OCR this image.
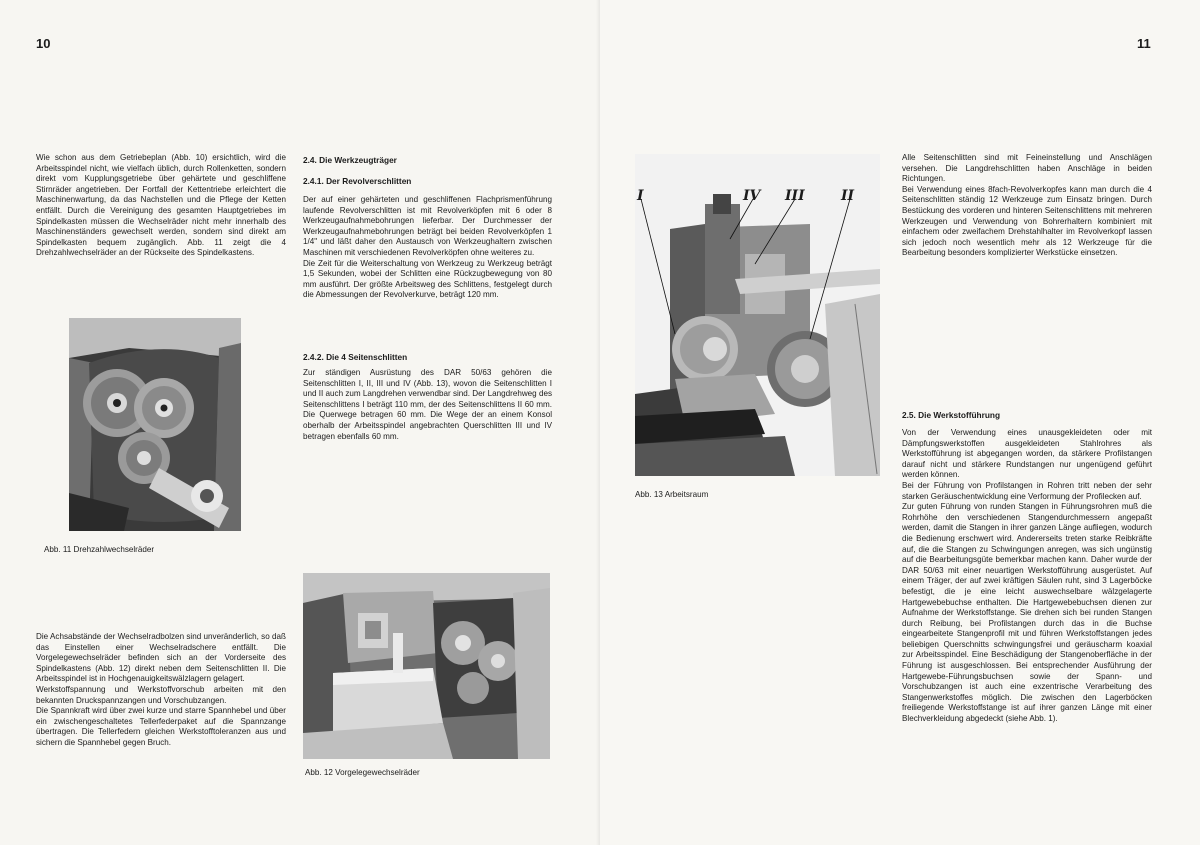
10

Wie schon aus dem Getriebeplan (Abb. 10) ersichtlich, wird die Arbeitsspindel nicht, wie vielfach üblich, durch Rollenketten, sondern direkt vom Kupplungsgetriebe über gehärtete und geschliffene Stirnräder angetrieben. Der Fortfall der Kettentriebe erleichtert die Maschinenwartung, da das Nachstellen und die Pflege der Ketten entfällt. Durch die Vereinigung des gesamten Hauptgetriebes im Spindelkasten müssen die Wechselräder nicht mehr innerhalb des Maschinenständers gewechselt werden, sondern sind direkt am Spindelkasten bequem zugänglich. Abb. 11 zeigt die 4 Drehzahlwechselräder an der Rückseite des Spindelkastens.

Abb. 11 Drehzahlwechselräder

Die Achsabstände der Wechselradbolzen sind unveränderlich, so daß das Einstellen einer Wechselradschere entfällt. Die Vorgelegewechselräder befinden sich an der Vorderseite des Spindelkastens (Abb. 12) direkt neben dem Seitenschlitten II. Die Arbeitsspindel ist in Hochgenauigkeitswälzlagern gelagert.

Werkstoffspannung und Werkstoffvorschub arbeiten mit den bekannten Druckspannzangen und Vorschubzangen.

Die Spannkraft wird über zwei kurze und starre Spannhebel und über ein zwischengeschaltetes Tellerfederpaket auf die Spannzange übertragen. Die Tellerfedern gleichen Werkstofftoleranzen aus und sichern die Spannhebel gegen Bruch.

2.4. Die Werkzeugträger
2.4.1. Der Revolverschlitten

Der auf einer gehärteten und geschliffenen Flachprismenführung laufende Revolverschlitten ist mit Revolverköpfen mit 6 oder 8 Werkzeugaufnahmebohrungen lieferbar. Der Durchmesser der Werkzeugaufnahmebohrungen beträgt bei beiden Revolverköpfen 1 1/4" und läßt daher den Austausch von Werkzeughaltern zwischen Maschinen mit verschiedenen Revolverköpfen ohne weiteres zu.

Die Zeit für die Weiterschaltung von Werkzeug zu Werkzeug beträgt 1,5 Sekunden, wobei der Schlitten eine Rückzugbewegung von 80 mm ausführt. Der größte Arbeitsweg des Schlittens, festgelegt durch die Abmessungen der Revolverkurve, beträgt 120 mm.

2.4.2. Die 4 Seitenschlitten

Zur ständigen Ausrüstung des DAR 50/63 gehören die Seitenschlitten I, II, III und IV (Abb. 13), wovon die Seitenschlitten I und II auch zum Langdrehen verwendbar sind. Der Langdrehweg des Seitenschlittens I beträgt 110 mm, der des Seitenschlittens II 60 mm. Die Querwege betragen 60 mm. Die Wege der an einem Konsol oberhalb der Arbeitsspindel angebrachten Querschlitten III und IV betragen ebenfalls 60 mm.

Abb. 12 Vorgelegewechselräder
11
I	IV III	II
Abb. 13 Arbeitsraum

Alle Seitenschlitten sind mit Feineinstellung und Anschlägen versehen. Die Langdrehschlitten haben Anschläge in beiden Richtungen.

Bei Verwendung eines 8fach-Revolverkopfes kann man durch die 4 Seitenschlitten ständig 12 Werkzeuge zum Einsatz bringen. Durch Bestückung des vorderen und hinteren Seitenschlittens mit mehreren Werkzeugen und Verwendung von Bohrerhaltern kombiniert mit einfachem oder zweifachem Drehstahlhalter im Revolverkopf lassen sich jedoch noch wesentlich mehr als 12 Werkzeuge für die Bearbeitung besonders komplizierter Werkstücke einsetzen.

2.5. Die Werkstofführung

Von der Verwendung eines unausgekleideten oder mit Dämpfungswerkstoffen ausgekleideten Stahlrohres als Werkstofführung ist abgegangen worden, da stärkere Profilstangen darauf nicht und stärkere Rundstangen nur ungenügend geführt werden können.

Bei der Führung von Profilstangen in Rohren tritt neben der sehr starken Geräuschentwicklung eine Verformung der Profilecken auf.

Zur guten Führung von runden Stangen in Führungsrohren muß die Rohrhöhe den verschiedenen Stangendurchmessern angepaßt werden, damit die Stangen in ihrer ganzen Länge aufliegen, wodurch die Bedienung erschwert wird. Andererseits treten starke Reibkräfte auf, die die Stangen zu Schwingungen anregen, was sich ungünstig auf die Bearbeitungsgüte bemerkbar machen kann. Daher wurde der DAR 50/63 mit einer neuartigen Werkstofführung ausgerüstet. Auf einem Träger, der auf zwei kräftigen Säulen ruht, sind 3 Lagerböcke befestigt, die je eine leicht auswechselbare wälzgelagerte Hartgewebebuchse enthalten. Die Hartgewebebuchsen dienen zur Aufnahme der Werkstoffstange. Sie drehen sich bei runden Stangen durch Reibung, bei Profilstangen durch das in die Buchse eingearbeitete Stangenprofil mit und führen Werkstoffstangen jedes beliebigen Querschnitts schwingungsfrei und geräuscharm koaxial zur Arbeitsspindel. Eine Beschädigung der Stangenoberfläche in der Führung ist ausgeschlossen. Bei entsprechender Ausführung der Hartgewebe-Führungsbuchsen sowie der Spann- und Vorschubzangen ist auch eine exzentrische Verarbeitung des Stangenwerkstoffes möglich. Die zwischen den Lagerböcken freiliegende Werkstoffstange ist auf ihrer ganzen Länge mit einer Blechverkleidung abgedeckt (siehe Abb. 1).
